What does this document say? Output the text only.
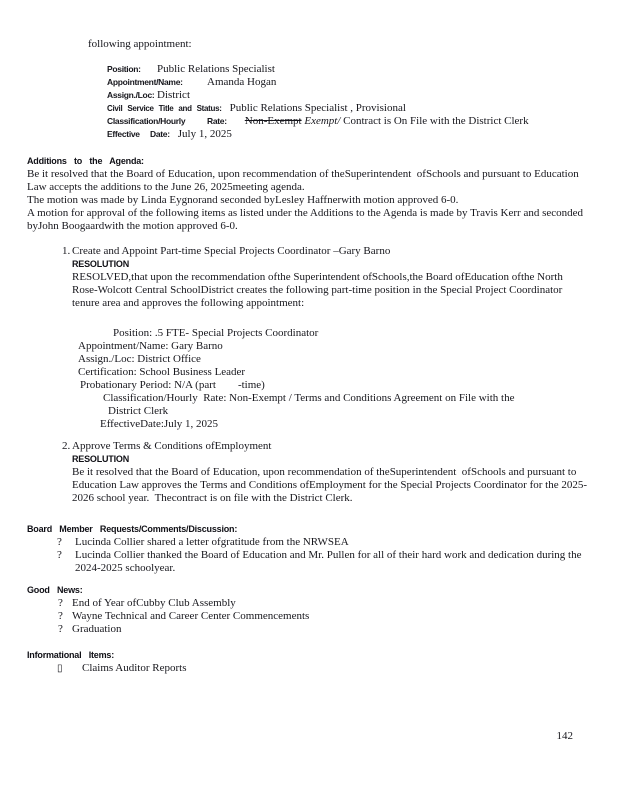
following appointment:
Position: Public Relations Specialist
Appointment/Name: Amanda Hogan
Assign./Loc: District
Civil Service Title and Status: Public Relations Specialist , Provisional
Classification/Hourly	Rate: Non-Exempt Exempt/ Contract is On File with the District Clerk
Effective Date: July 1, 2025
Additions to the Agenda:

Be it resolved that the Board of Education, upon recommendation of theSuperintendent  ofSchools and pursuant to Education Law accepts the additions to the June 26, 2025meeting agenda.

The motion was made by Linda Eygnorand seconded byLesley Haffnerwith motion approved 6-0.

A motion for approval of the following items as listed under the Additions to the Agenda is made by Travis Kerr and seconded byJohn Boogaardwith the motion approved 6-0.

1. Create and Appoint Part-time Special Projects Coordinator –Gary Barno
RESOLUTION
RESOLVED,that upon the recommendation ofthe Superintendent ofSchools,the Board ofEducation ofthe North Rose-Wolcott Central SchoolDistrict creates the following part-time position in the Special Project Coordinator tenure area and approves the following appointment:
Position: .5 FTE- Special Projects Coordinator
Appointment/Name: Gary Barno
Assign./Loc: District Office
Certification: School Business Leader
Probationary Period: N/A (part        -time)
Classification/Hourly  Rate: Non-Exempt / Terms and Conditions Agreement on File with the
District Clerk
EffectiveDate:July 1, 2025
2. Approve Terms & Conditions ofEmployment
RESOLUTION
Be it resolved that the Board of Education, upon recommendation of theSuperintendent  ofSchools and pursuant to Education Law approves the Terms and Conditions ofEmployment for the Special Projects Coordinator for the 2025-2026 school year.  Thecontract is on file with the District Clerk.
Board Member Requests/Comments/Discussion:
?	Lucinda Collier shared a letter ofgratitude from the NRWSEA
?	Lucinda Collier thanked the Board of Education and Mr. Pullen for all of their hard work and dedication during the 2024-2025 schoolyear.
Good News:
? End of Year ofCubby Club Assembly
? Wayne Technical and Career Center Commencements
? Graduation
Informational Items:
▯	Claims Auditor Reports
142
